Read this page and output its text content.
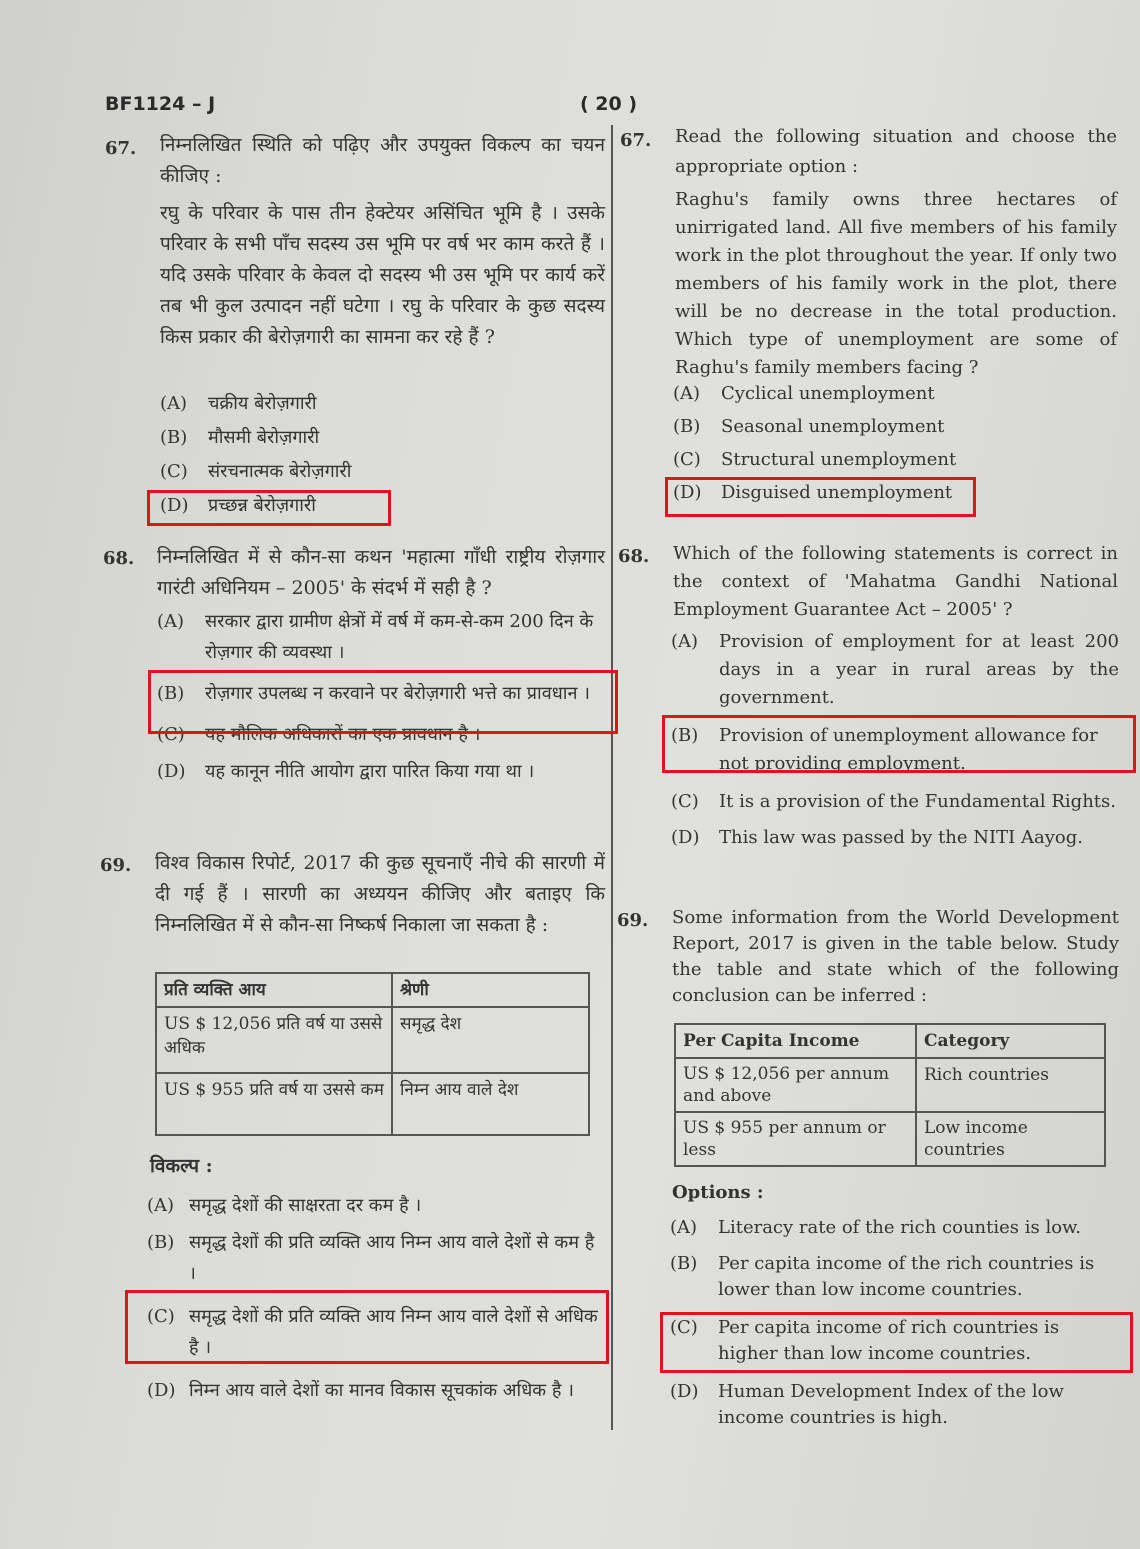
BF1124 – J	( 20 )
67. निम्नलिखित स्थिति को पढ़िए और उपयुक्त विकल्प का चयन कीजिए :
रघु के परिवार के पास तीन हेक्टेयर असिंचित भूमि है । उसके परिवार के सभी पाँच सदस्य उस भूमि पर वर्ष भर काम करते हैं । यदि उसके परिवार के केवल दो सदस्य भी उस भूमि पर कार्य करें तब भी कुल उत्पादन नहीं घटेगा । रघु के परिवार के कुछ सदस्य किस प्रकार की बेरोज़गारी का सामना कर रहे हैं ?
(A)	चक्रीय बेरोज़गारी
(B)	मौसमी बेरोज़गारी
(C)	संरचनात्मक बेरोज़गारी
(D)	प्रच्छन्न बेरोज़गारी
68. निम्नलिखित में से कौन-सा कथन 'महात्मा गाँधी राष्ट्रीय रोज़गार गारंटी अधिनियम – 2005' के संदर्भ में सही है ?
(A)	सरकार द्वारा ग्रामीण क्षेत्रों में वर्ष में कम-से-कम 200 दिन के रोज़गार की व्यवस्था ।
(B)	रोज़गार उपलब्ध न करवाने पर बेरोज़गारी भत्ते का प्रावधान ।
(C)	यह मौलिक अधिकारों का एक प्रावधान है ।
(D)	यह कानून नीति आयोग द्वारा पारित किया गया था ।
69. विश्व विकास रिपोर्ट, 2017 की कुछ सूचनाएँ नीचे की सारणी में दी गई हैं । सारणी का अध्ययन कीजिए और बताइए कि निम्नलिखित में से कौन-सा निष्कर्ष निकाला जा सकता है :
प्रति व्यक्ति आय	श्रेणी
US $ 12,056 प्रति वर्ष या उससे अधिक	समृद्ध देश
US $ 955 प्रति वर्ष या उससे कम	निम्न आय वाले देश
विकल्प :
(A) समृद्ध देशों की साक्षरता दर कम है ।
(B) समृद्ध देशों की प्रति व्यक्ति आय निम्न आय वाले देशों से कम है ।
(C) समृद्ध देशों की प्रति व्यक्ति आय निम्न आय वाले देशों से अधिक है ।
(D) निम्न आय वाले देशों का मानव विकास सूचकांक अधिक है ।
67. Read the following situation and choose the appropriate option :
Raghu's family owns three hectares of unirrigated land. All five members of his family work in the plot throughout the year. If only two members of his family work in the plot, there will be no decrease in the total production. Which type of unemployment are some of Raghu's family members facing ?
(A)	Cyclical unemployment
(B)	Seasonal unemployment
(C)	Structural unemployment
(D)	Disguised unemployment
68. Which of the following statements is correct in the context of 'Mahatma Gandhi National Employment Guarantee Act – 2005' ?
(A)	Provision of employment for at least 200 days in a year in rural areas by the government.
(B)	Provision of unemployment allowance for not providing employment.
(C)	It is a provision of the Fundamental Rights.
(D)	This law was passed by the NITI Aayog.
69. Some information from the World Development Report, 2017 is given in the table below. Study the table and state which of the following conclusion can be inferred :
Per Capita Income	Category
US $ 12,056 per annum and above	Rich countries
US $ 955 per annum or less	Low income countries
Options :
(A)	Literacy rate of the rich counties is low.
(B)	Per capita income of the rich countries is lower than low income countries.
(C)	Per capita income of rich countries is higher than low income countries.
(D)	Human Development Index of the low income countries is high.
